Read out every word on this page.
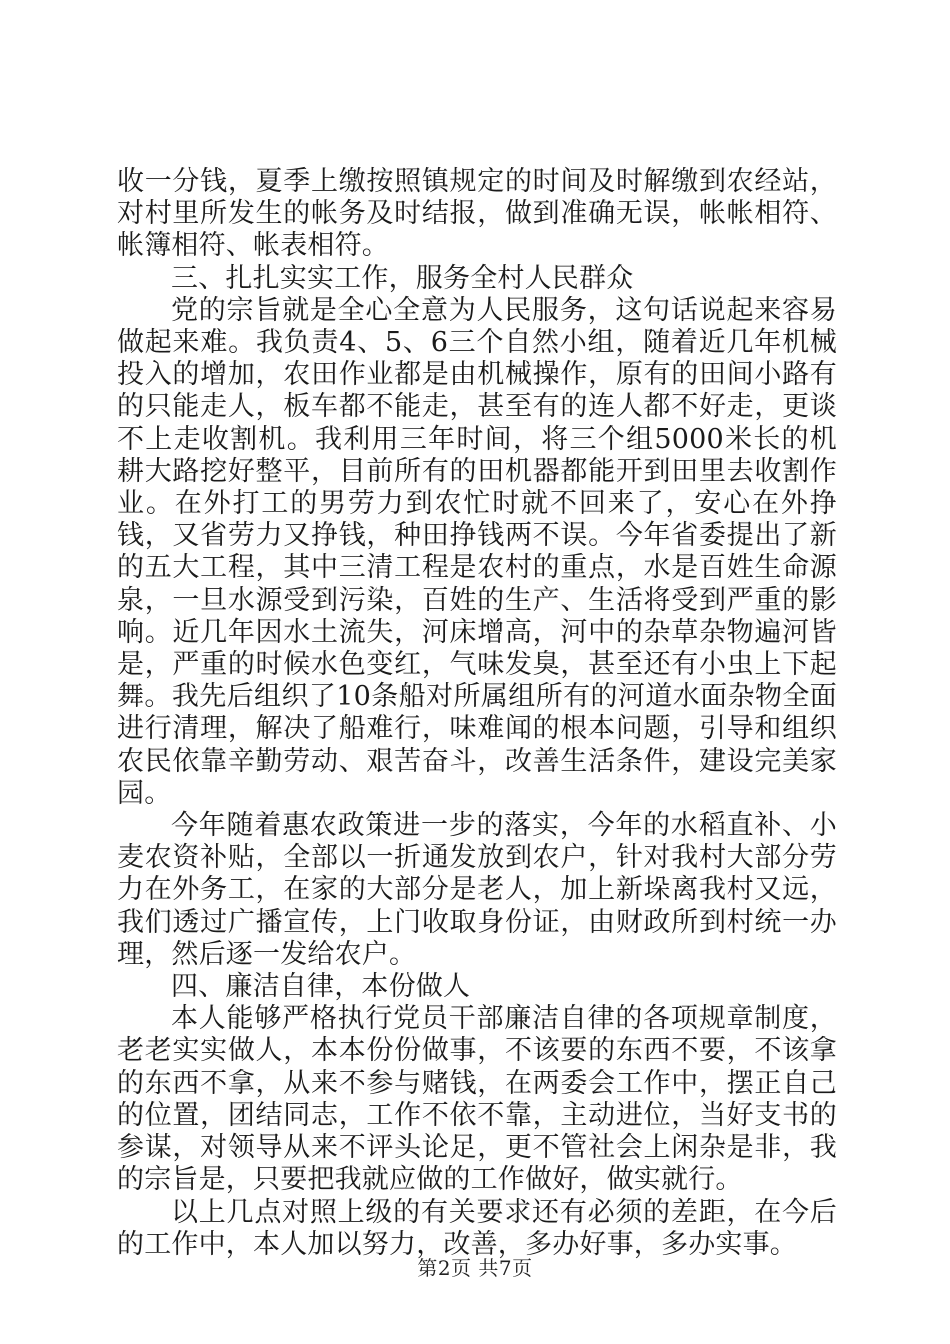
收一分钱，夏季上缴按照镇规定的时间及时解缴到农经站，对村里所发生的帐务及时结报，做到准确无误，帐帐相符、帐簿相符、帐表相符。

三、扎扎实实工作，服务全村人民群众

党的宗旨就是全心全意为人民服务，这句话说起来容易做起来难。我负责4、5、6三个自然小组，随着近几年机械投入的增加，农田作业都是由机械操作，原有的田间小路有的只能走人，板车都不能走，甚至有的连人都不好走，更谈不上走收割机。我利用三年时间，将三个组5000米长的机耕大路挖好整平，目前所有的田机器都能开到田里去收割作业。在外打工的男劳力到农忙时就不回来了，安心在外挣钱，又省劳力又挣钱，种田挣钱两不误。今年省委提出了新的五大工程，其中三清工程是农村的重点，水是百姓生命源泉，一旦水源受到污染，百姓的生产、生活将受到严重的影响。近几年因水土流失，河床增高，河中的杂草杂物遍河皆是，严重的时候水色变红，气味发臭，甚至还有小虫上下起舞。我先后组织了10条船对所属组所有的河道水面杂物全面进行清理，解决了船难行，味难闻的根本问题，引导和组织农民依靠辛勤劳动、艰苦奋斗，改善生活条件，建设完美家园。

今年随着惠农政策进一步的落实，今年的水稻直补、小麦农资补贴，全部以一折通发放到农户，针对我村大部分劳力在外务工，在家的大部分是老人，加上新垛离我村又远，我们透过广播宣传，上门收取身份证，由财政所到村统一办理，然后逐一发给农户。

四、廉洁自律，本份做人

本人能够严格执行党员干部廉洁自律的各项规章制度，老老实实做人，本本份份做事，不该要的东西不要，不该拿的东西不拿，从来不参与赌钱，在两委会工作中，摆正自己的位置，团结同志，工作不依不靠，主动进位，当好支书的参谋，对领导从来不评头论足，更不管社会上闲杂是非，我的宗旨是，只要把我就应做的工作做好，做实就行。

以上几点对照上级的有关要求还有必须的差距，在今后的工作中，本人加以努力，改善，多办好事，多办实事。

第2页 共7页
